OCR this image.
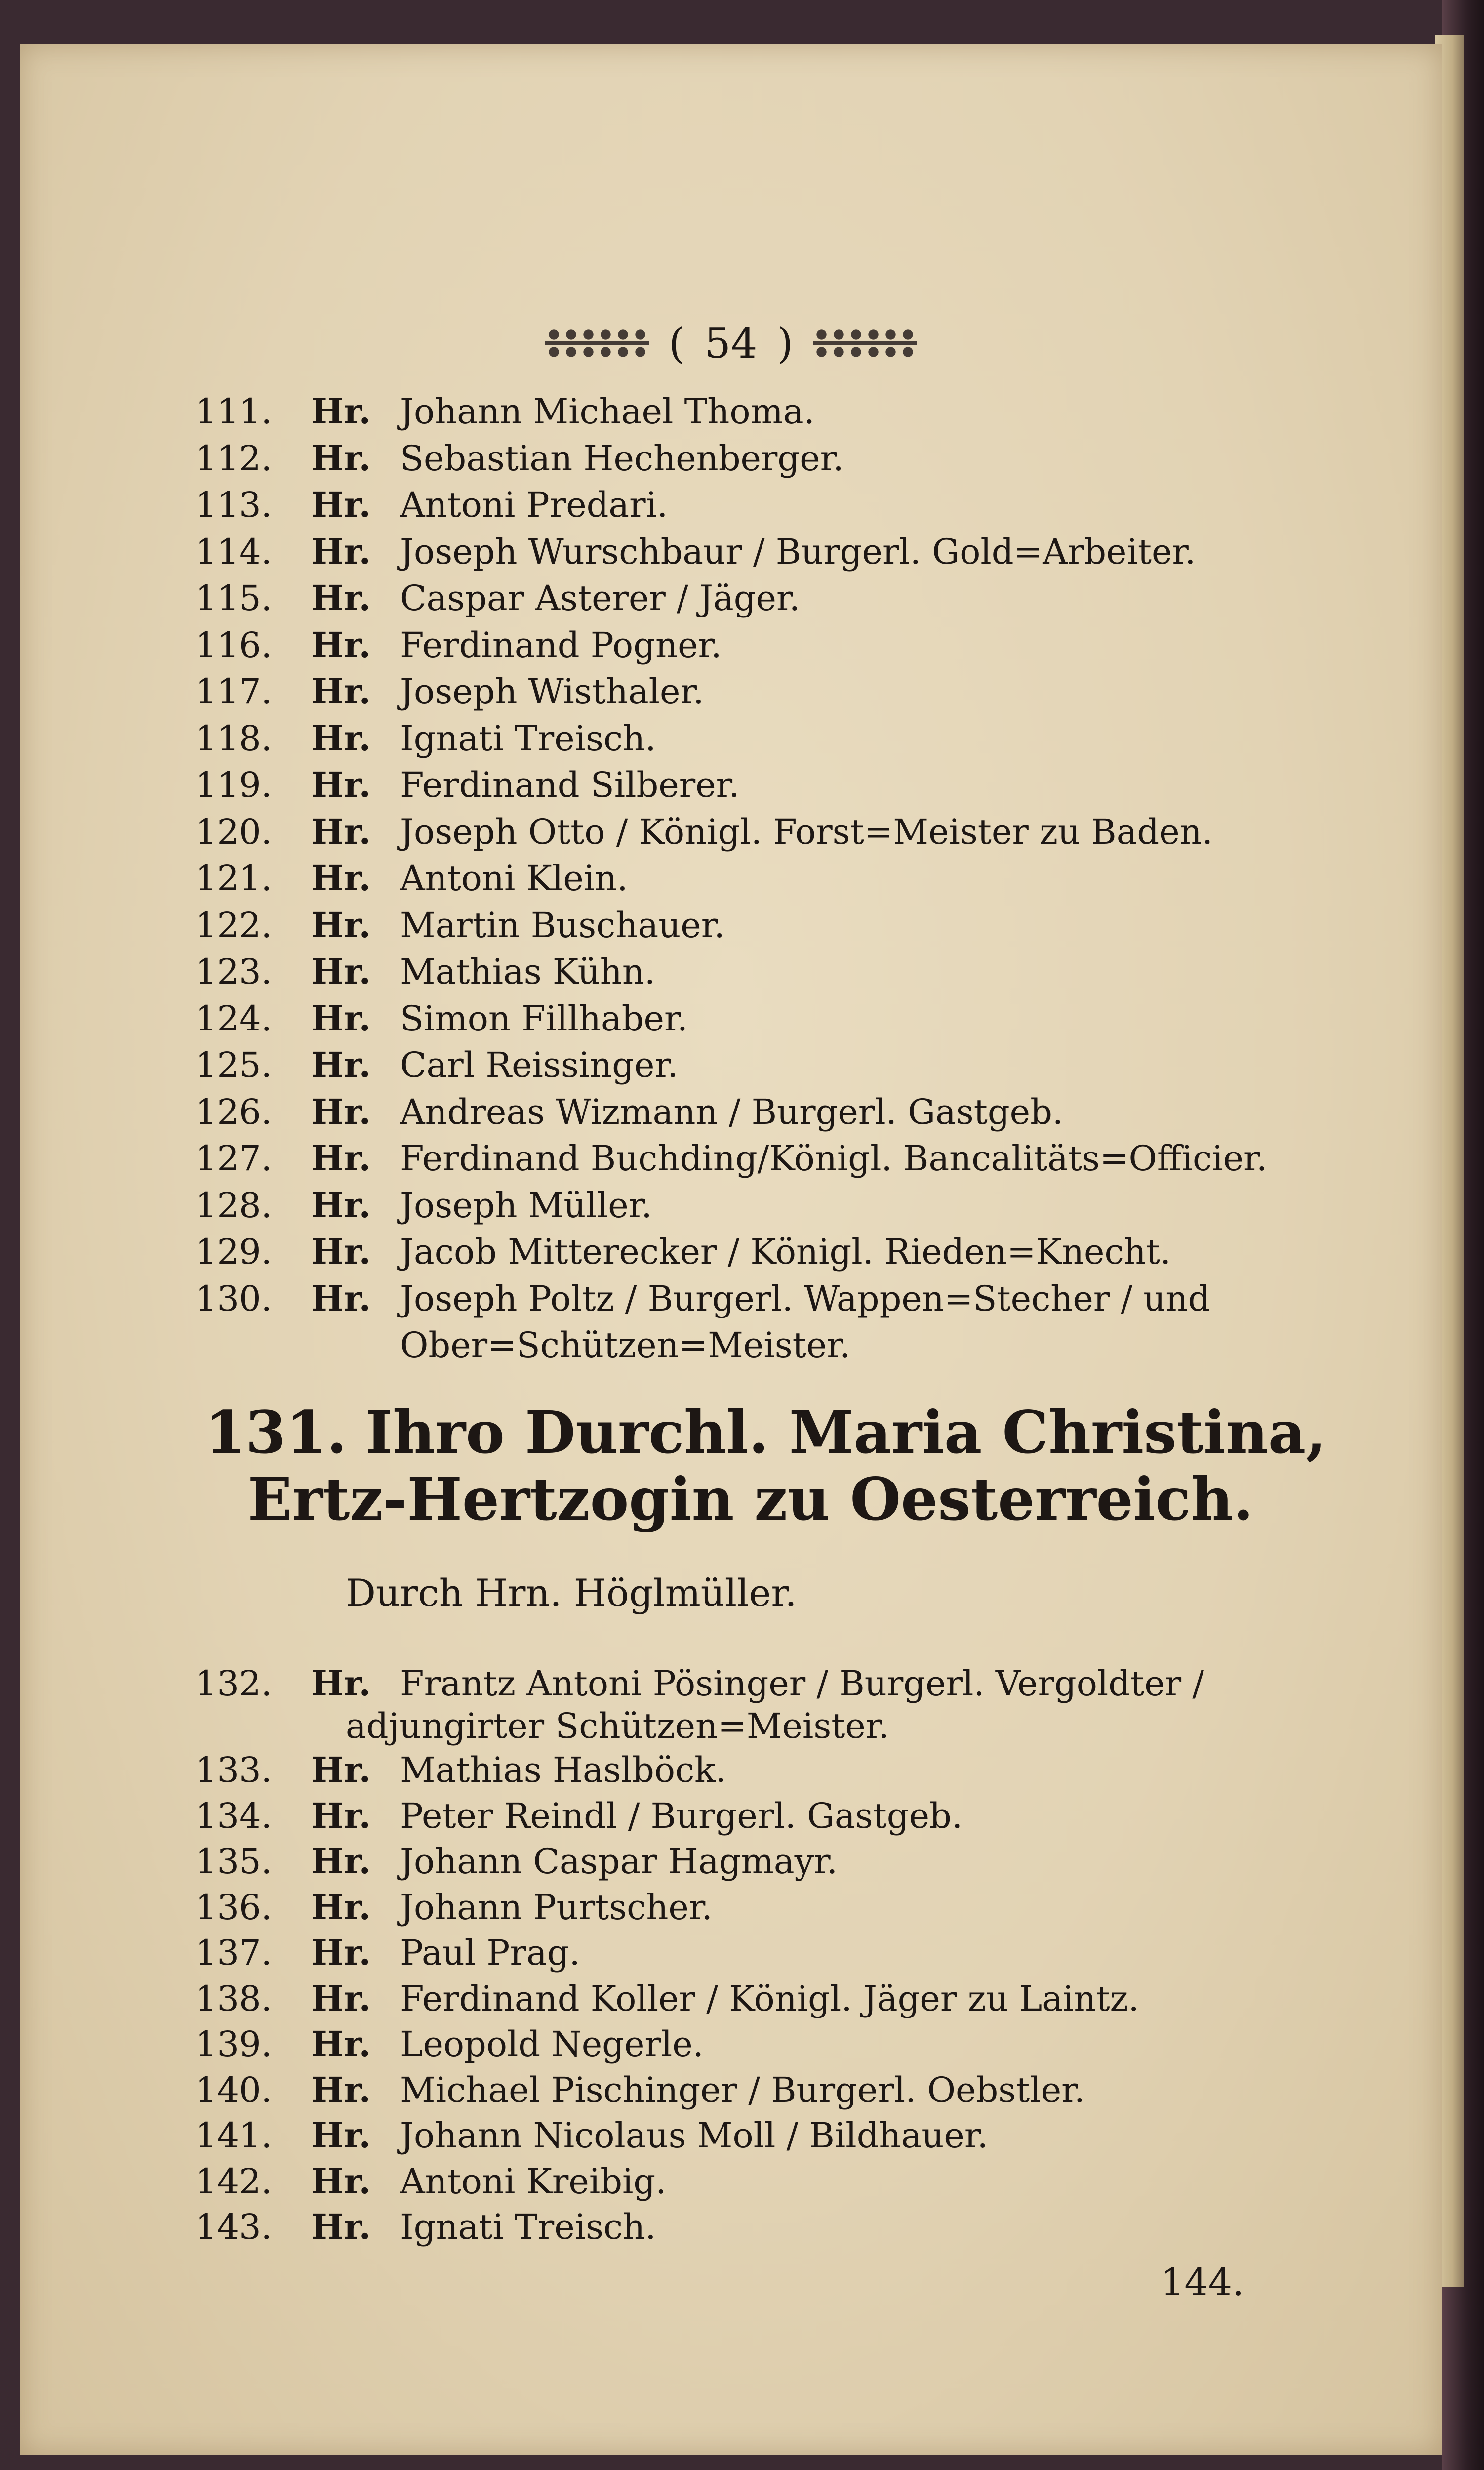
( 54 )
111.	Hr. Johann Michael Thoma.
112.	Hr. Sebastian Hechenberger.
113.	Hr. Antoni Predari.
114.	Hr. Joseph Wurschbaur / Burgerl. Gold=Arbeiter.
115.	Hr. Caspar Asterer / Jäger.
116.	Hr. Ferdinand Pogner.
117.	Hr. Joseph Wisthaler.
118.	Hr. Ignati Treisch.
119.	Hr. Ferdinand Silberer.
120.	Hr. Joseph Otto / Königl. Forst=Meister zu Baden.
121.	Hr. Antoni Klein.
122.	Hr. Martin Buschauer.
123.	Hr. Mathias Kühn.
124.	Hr. Simon Fillhaber.
125.	Hr. Carl Reissinger.
126.	Hr. Andreas Wizmann / Burgerl. Gastgeb.
127.	Hr. Ferdinand Buchding/Königl. Bancalitäts=Officier.
128.	Hr. Joseph Müller.
129.	Hr. Jacob Mitterecker / Königl. Rieden=Knecht.
130.	Hr. Joseph Poltz / Burgerl. Wappen=Stecher / und
Ober=Schützen=Meister.
131. Ihro Durchl. Maria Christina,
Ertz-Hertzogin zu Oesterreich.
Durch Hrn. Höglmüller.
132.	Hr. Frantz Antoni Pösinger / Burgerl. Vergoldter /
adjungirter Schützen=Meister.
133.	Hr. Mathias Haslböck.
134.	Hr. Peter Reindl / Burgerl. Gastgeb.
135.	Hr. Johann Caspar Hagmayr.
136.	Hr. Johann Purtscher.
137.	Hr. Paul Prag.
138.	Hr. Ferdinand Koller / Königl. Jäger zu Laintz.
139.	Hr. Leopold Negerle.
140.	Hr. Michael Pischinger / Burgerl. Oebstler.
141.	Hr. Johann Nicolaus Moll / Bildhauer.
142.	Hr. Antoni Kreibig.
143.	Hr. Ignati Treisch.
144.
